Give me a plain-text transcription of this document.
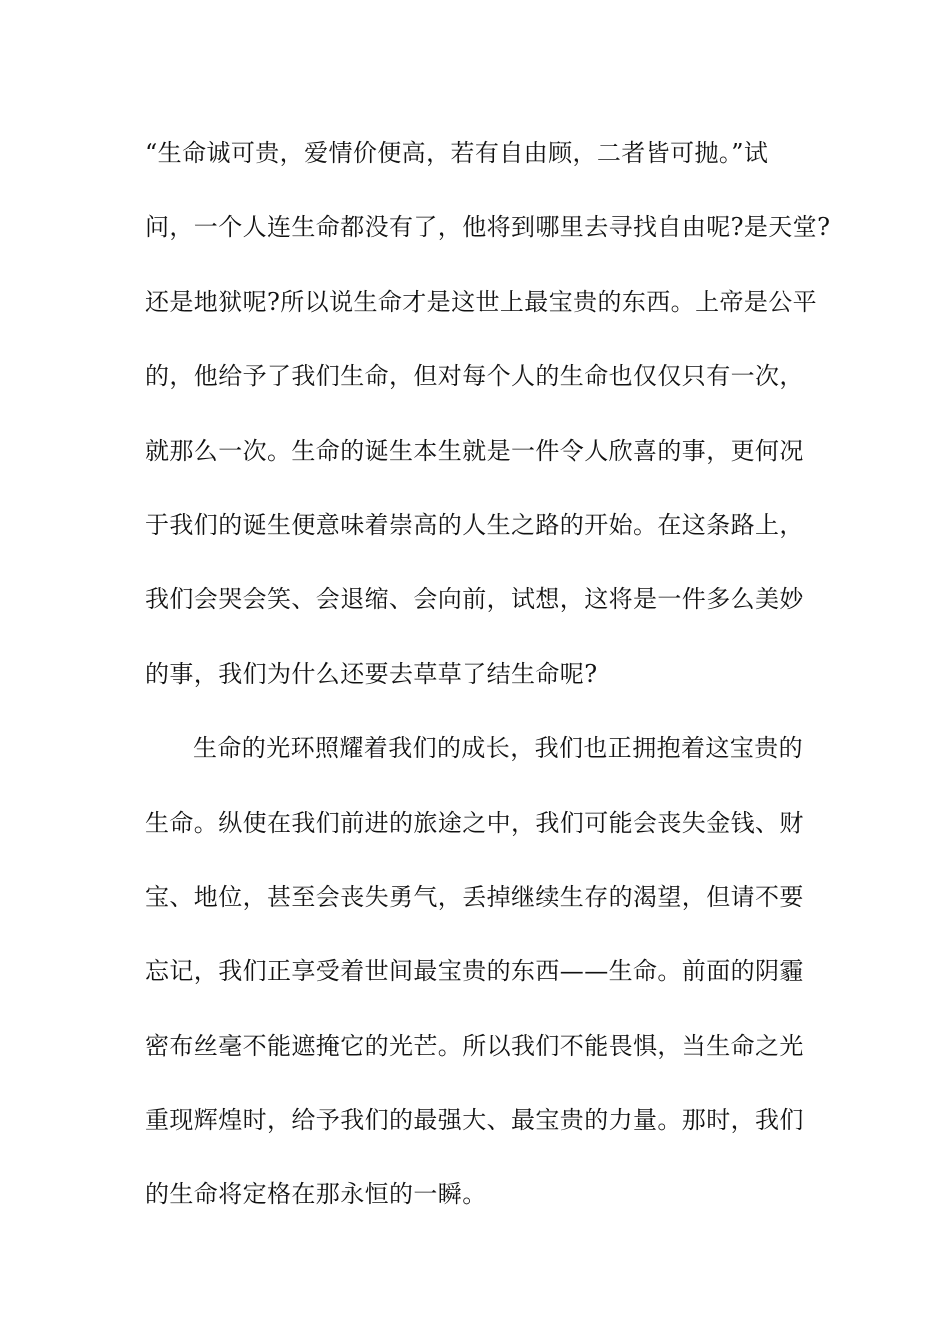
“生命诚可贵，爱情价便高，若有自由顾，二者皆可抛。”试
问，一个人连生命都没有了，他将到哪里去寻找自由呢?是天堂?
还是地狱呢?所以说生命才是这世上最宝贵的东西。上帝是公平
的，他给予了我们生命，但对每个人的生命也仅仅只有一次，
就那么一次。生命的诞生本生就是一件令人欣喜的事，更何况
于我们的诞生便意味着崇高的人生之路的开始。在这条路上，
我们会哭会笑、会退缩、会向前，试想，这将是一件多么美妙
的事，我们为什么还要去草草了结生命呢?
生命的光环照耀着我们的成长，我们也正拥抱着这宝贵的
生命。纵使在我们前进的旅途之中，我们可能会丧失金钱、财
宝、地位，甚至会丧失勇气，丢掉继续生存的渴望，但请不要
忘记，我们正享受着世间最宝贵的东西——生命。前面的阴霾
密布丝毫不能遮掩它的光芒。所以我们不能畏惧，当生命之光
重现辉煌时，给予我们的最强大、最宝贵的力量。那时，我们
的生命将定格在那永恒的一瞬。
